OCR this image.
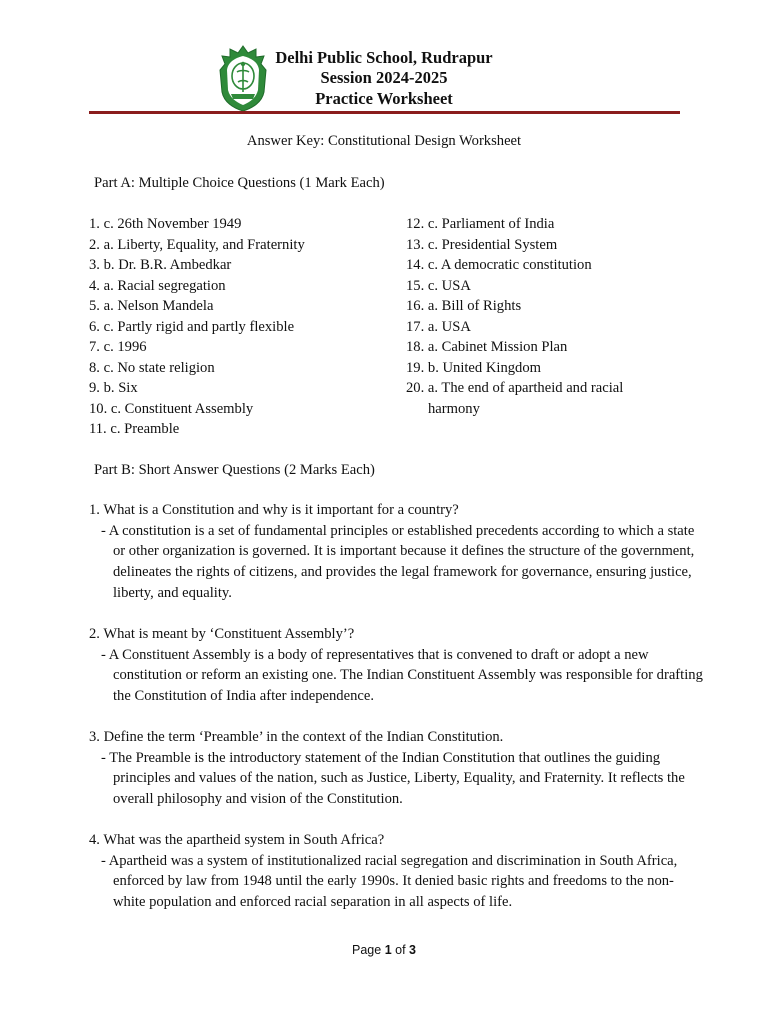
Delhi Public School, Rudrapur
Session 2024-2025
Practice Worksheet
Answer Key: Constitutional Design Worksheet
Part A: Multiple Choice Questions (1 Mark Each)
1. c. 26th November 1949
2. a. Liberty, Equality, and Fraternity
3. b. Dr. B.R. Ambedkar
4. a. Racial segregation
5. a. Nelson Mandela
6. c. Partly rigid and partly flexible
7. c. 1996
8. c. No state religion
9. b. Six
10. c. Constituent Assembly
11. c. Preamble
12. c. Parliament of India
13. c. Presidential System
14. c. A democratic constitution
15. c. USA
16. a. Bill of Rights
17. a. USA
18. a. Cabinet Mission Plan
19. b. United Kingdom
20. a. The end of apartheid and racial
harmony
Part B: Short Answer Questions (2 Marks Each)
1. What is a Constitution and why is it important for a country?
- A constitution is a set of fundamental principles or established precedents according to which a state or other organization is governed. It is important because it defines the structure of the government, delineates the rights of citizens, and provides the legal framework for governance, ensuring justice, liberty, and equality.
2. What is meant by ‘Constituent Assembly’?
- A Constituent Assembly is a body of representatives that is convened to draft or adopt a new constitution or reform an existing one. The Indian Constituent Assembly was responsible for drafting the Constitution of India after independence.
3. Define the term ‘Preamble’ in the context of the Indian Constitution.
- The Preamble is the introductory statement of the Indian Constitution that outlines the guiding principles and values of the nation, such as Justice, Liberty, Equality, and Fraternity. It reflects the overall philosophy and vision of the Constitution.
4. What was the apartheid system in South Africa?
- Apartheid was a system of institutionalized racial segregation and discrimination in South Africa, enforced by law from 1948 until the early 1990s. It denied basic rights and freedoms to the non-white population and enforced racial separation in all aspects of life.
Page 1 of 3
